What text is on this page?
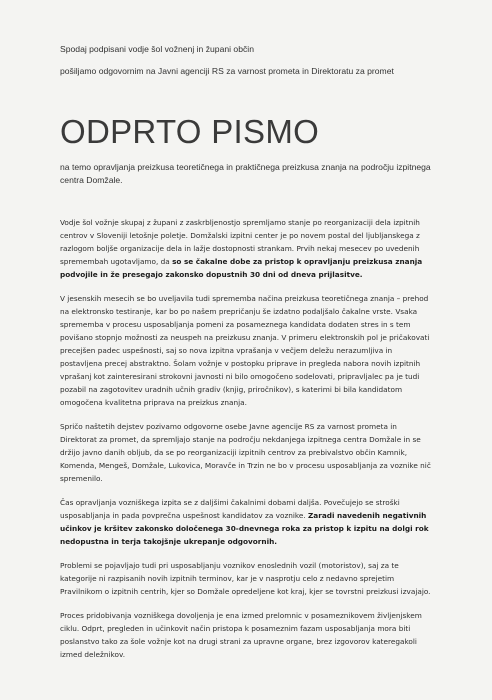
Spodaj podpisani vodje šol vožnenj in župani občin

pošiljamo odgovornim na Javni agenciji RS za varnost prometa in Direktoratu za promet

ODPRTO PISMO

na temo opravljanja preizkusa teoretičnega in praktičnega preizkusa znanja na področju izpitnega centra Domžale.

Vodje šol vožnje skupaj z župani z zaskrbljenostjo spremljamo stanje po reorganizaciji dela izpitnih centrov v Sloveniji letošnje poletje. Domžalski izpitni center je po novem postal del ljubljanskega z razlogom boljše organizacije dela in lažje dostopnosti strankam. Prvih nekaj mesecev po uvedenih spremembah ugotavljamo, da so se čakalne dobe za pristop k opravljanju preizkusa znanja podvojile in že presegajo zakonsko dopustnih 30 dni od dneva prijlasitve.

V jesenskih mesecih se bo uveljavila tudi sprememba načina preizkusa teoretičnega znanja – prehod na elektronsko testiranje, kar bo po našem prepričanju še izdatno podaljšalo čakalne vrste. Vsaka sprememba v procesu usposabljanja pomeni za posameznega kandidata dodaten stres in s tem povišano stopnjo možnosti za neuspeh na preizkusu znanja. V primeru elektronskih pol je pričakovati precejšen padec uspešnosti, saj so nova izpitna vprašanja v večjem deležu nerazumljiva in postavljena precej abstraktno. Šolam vožnje v postopku priprave in pregleda nabora novih izpitnih vprašanj kot zainteresirani strokovni javnosti ni bilo omogočeno sodelovati, pripravljalec pa je tudi pozabil na zagotovitev uradnih učnih gradiv (knjig, priročnikov), s katerimi bi bila kandidatom omogočena kvalitetna priprava na preizkus znanja.

Spričo naštetih dejstev pozivamo odgovorne osebe Javne agencije RS za varnost prometa in Direktorat za promet, da spremljajo stanje na področju nekdanjega izpitnega centra Domžale in se držijo javno danih obljub, da se po reorganizaciji izpitnih centrov za prebivalstvo občin Kamnik, Komenda, Mengeš, Domžale, Lukovica, Moravče in Trzin ne bo v procesu usposabljanja za voznike nič spremenilo.

Čas opravljanja vozniškega izpita se z daljšimi čakalnimi dobami daljša. Povečujejo se stroški usposabljanja in pada povprečna uspešnost kandidatov za voznike. Zaradi navedenih negativnih učinkov je kršitev zakonsko določenega 30-dnevnega roka za pristop k izpitu na dolgi rok nedopustna in terja takojšnje ukrepanje odgovornih.

Problemi se pojavljajo tudi pri usposabljanju voznikov enoslednih vozil (motoristov), saj za te kategorije ni razpisanih novih izpitnih terminov, kar je v nasprotju celo z nedavno sprejetim Pravilnikom o izpitnih centrih, kjer so Domžale opredeljene kot kraj, kjer se tovrstni preizkusi izvajajo.

Proces pridobivanja vozniškega dovoljenja je ena izmed prelomnic v posameznikovem življenjskem ciklu. Odprt, pregleden in učinkovit način pristopa k posameznim fazam usposabljanja mora biti poslanstvo tako za šole vožnje kot na drugi strani za upravne organe, brez izgovorov kateregakoli izmed deležnikov.
